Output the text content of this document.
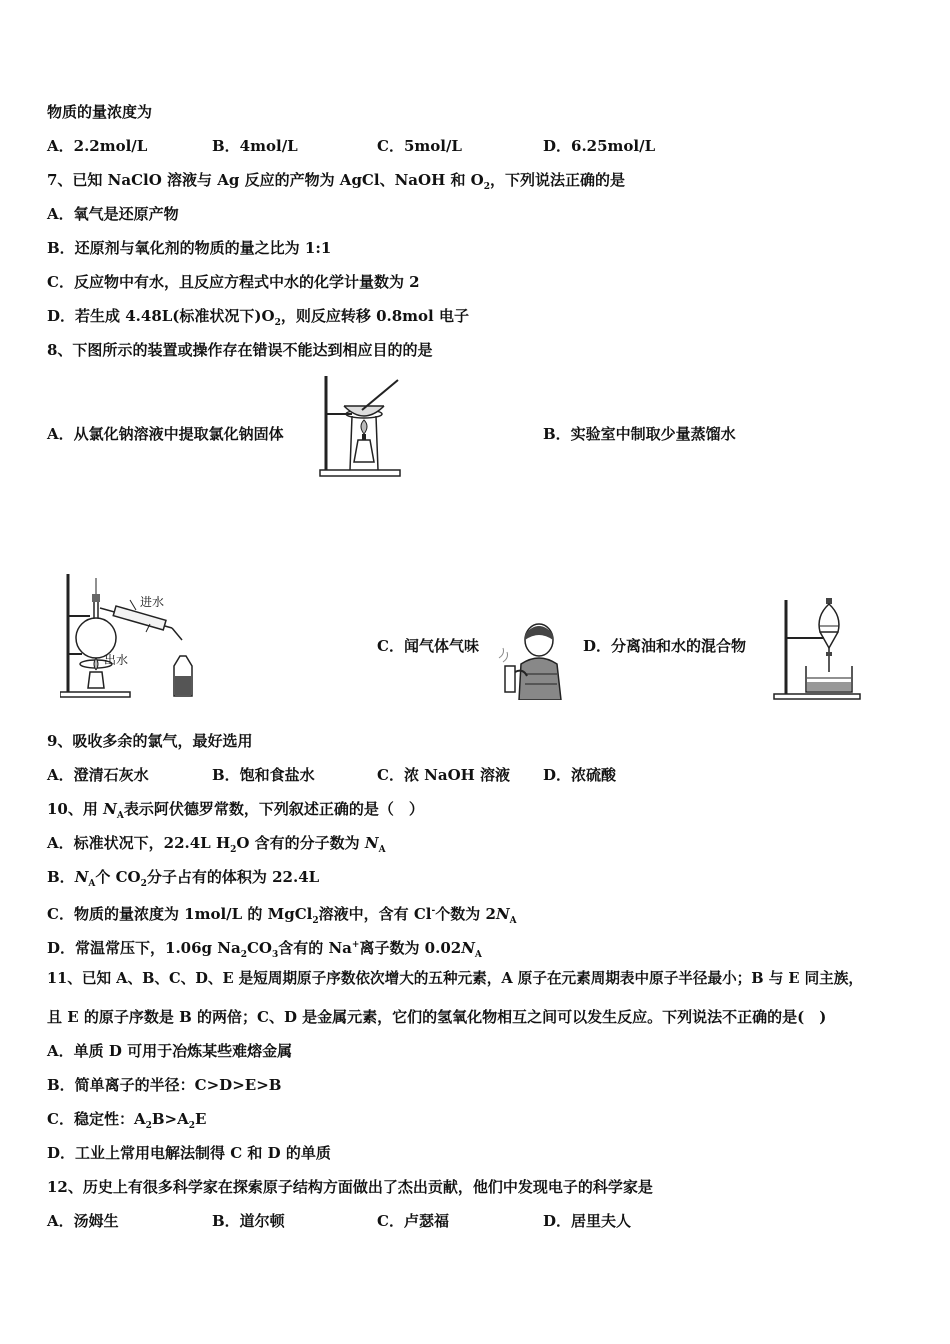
物质的量浓度为
A．2.2mol/L	B．4mol/L	C．5mol/L	D．6.25mol/L
7、已知 NaClO 溶液与 Ag 反应的产物为 AgCl、NaOH 和 $O_2$，下列说法正确的是
A．氧气是还原产物
B．还原剂与氧化剂的物质的量之比为 1:1
C．反应物中有水，且反应方程式中水的化学计量数为 2
D．若生成 4.48L(标准状况下)$O_2$，则反应转移 0.8mol 电子
8、下图所示的装置或操作存在错误不能达到相应目的的是
A．从氯化钠溶液中提取氯化钠固体	B．实验室中制取少量蒸馏水
进水
出水
C．闻气体气味	D．分离油和水的混合物
9、吸收多余的氯气，最好选用
A．澄清石灰水	B．饱和食盐水	C．浓 NaOH 溶液 D．浓硫酸
10、用 $N_A$表示阿伏德罗常数，下列叙述正确的是（　）
A．标准状况下，22.4L $H_2O$ 含有的分子数为 $N_A$
B．$N_A$个 $CO_2$分子占有的体积为 22.4L
C．物质的量浓度为 1mol/L 的 MgCl$_2$溶液中，含有 Cl-个数为 $2N_A$
D．常温常压下，1.06g $Na_2CO_3$含有的 Na+离子数为 $0.02N_A$
11、已知 A、B、C、D、E 是短周期原子序数依次增大的五种元素，A 原子在元素周期表中原子半径最小；B 与 E 同主族，
且 E 的原子序数是 B 的两倍；C、D 是金属元素，它们的氢氧化物相互之间可以发生反应。下列说法不正确的是(　)
A．单质 D 可用于冶炼某些难熔金属
B．简单离子的半径：C>D>E>B
C．稳定性：$A_2B>A_2E$
D．工业上常用电解法制得 C 和 D 的单质
12、历史上有很多科学家在探索原子结构方面做出了杰出贡献，他们中发现电子的科学家是
A．汤姆生	B．道尔顿	C．卢瑟福	D．居里夫人
